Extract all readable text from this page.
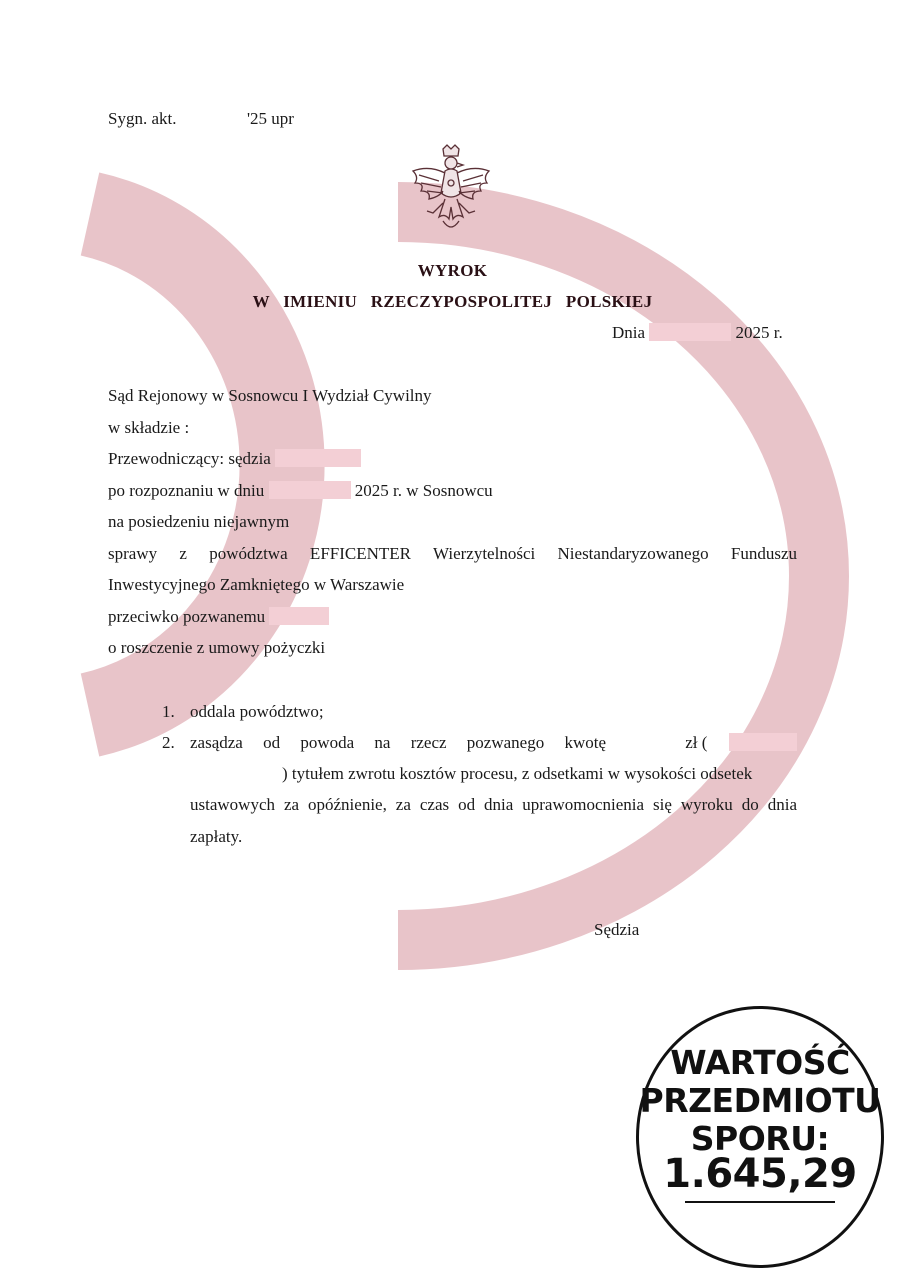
Sygn. akt.	'25 upr
WYROK
W   IMIENIU   RZECZYPOSPOLITEJ   POLSKIEJ
Dnia	2025 r.
Sąd Rejonowy w Sosnowcu I Wydział Cywilny
w składzie :
Przewodniczący: sędzia
po rozpoznaniu w dniu	2025 r. w Sosnowcu
na posiedzeniu niejawnym
sprawy z powództwa EFFICENTER Wierzytelności Niestandaryzowanego Funduszu
Inwestycyjnego Zamkniętego w Warszawie
przeciwko pozwanemu
o roszczenie z umowy pożyczki
1. oddala powództwo;
2. zasądza od powoda na rzecz pozwanego kwotę	zł (
) tytułem zwrotu kosztów procesu, z odsetkami w wysokości odsetek
ustawowych za opóźnienie, za czas od dnia uprawomocnienia się wyroku do dnia
zapłaty.
Sędzia
WARTOŚĆ
PRZEDMIOTU
SPORU:
1.645,29
